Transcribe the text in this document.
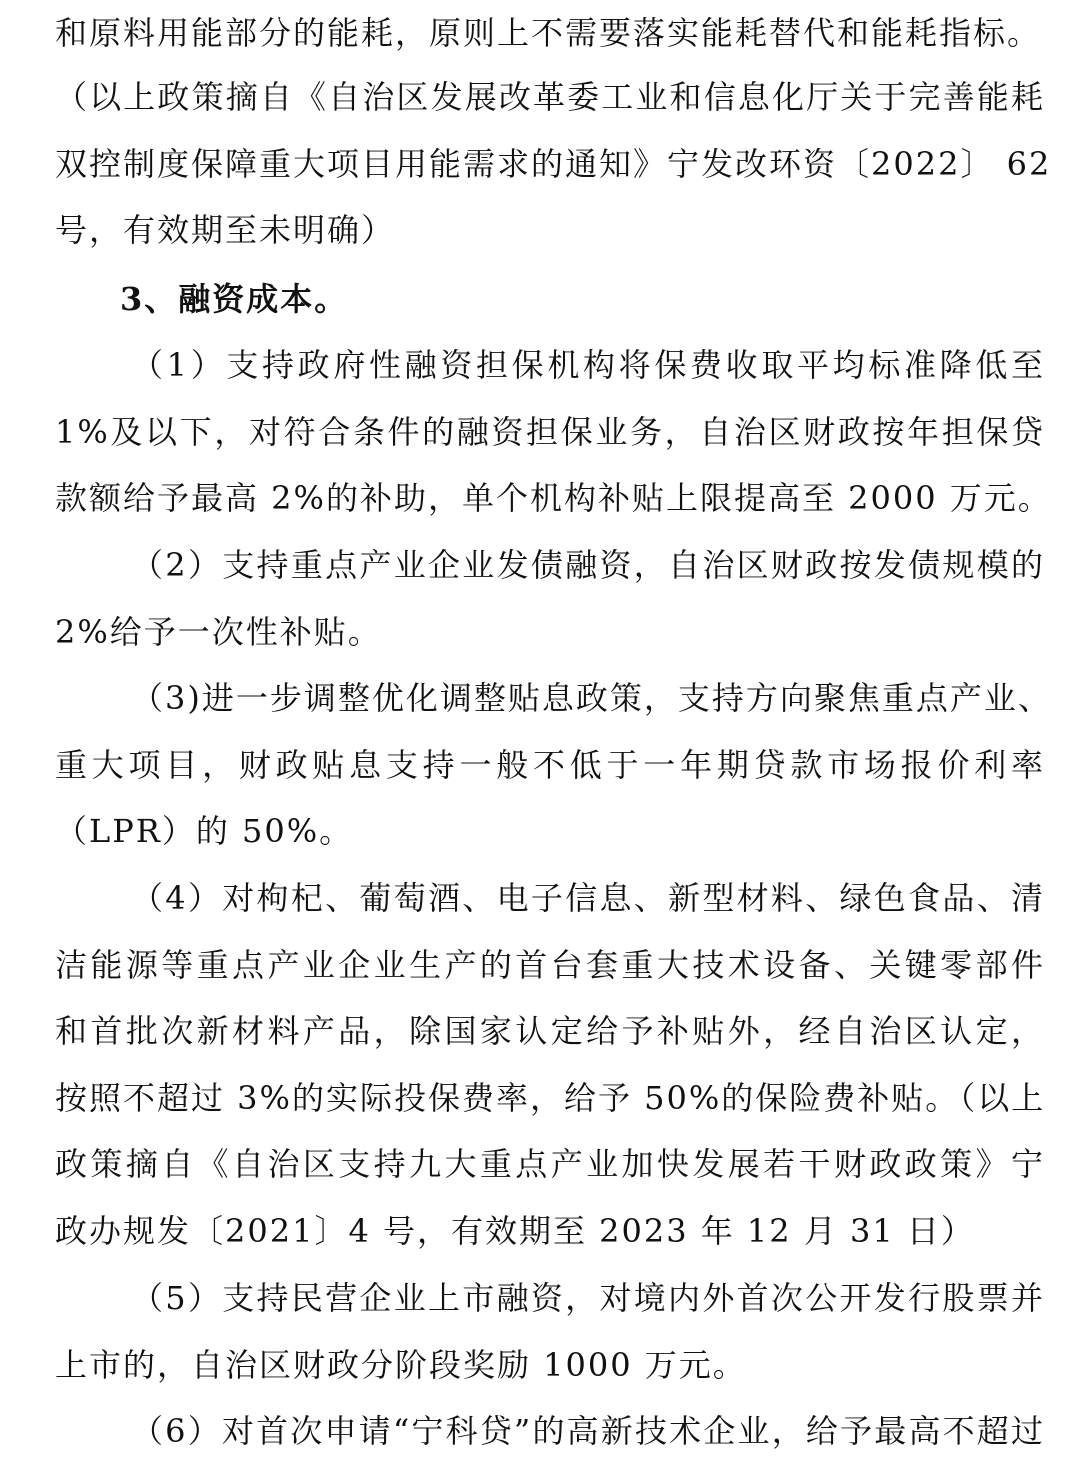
和原料用能部分的能耗，原则上不需要落实能耗替代和能耗指标。

（以上政策摘自《自治区发展改革委工业和信息化厅关于完善能耗
双控制度保障重大项目用能需求的通知》宁发改环资〔2022〕 62
号，有效期至未明确）

3、融资成本。

（1）支持政府性融资担保机构将保费收取平均标准降低至
1%及以下，对符合条件的融资担保业务，自治区财政按年担保贷
款额给予最高 2%的补助，单个机构补贴上限提高至 2000 万元。

（2）支持重点产业企业发债融资，自治区财政按发债规模的
2%给予一次性补贴。

（3)进一步调整优化调整贴息政策，支持方向聚焦重点产业、
重大项目，财政贴息支持一般不低于一年期贷款市场报价利率
（LPR）的 50%。

（4）对枸杞、葡萄酒、电子信息、新型材料、绿色食品、清
洁能源等重点产业企业生产的首台套重大技术设备、关键零部件
和首批次新材料产品，除国家认定给予补贴外，经自治区认定，
按照不超过 3%的实际投保费率，给予 50%的保险费补贴。（以上
政策摘自《自治区支持九大重点产业加快发展若干财政政策》宁
政办规发〔2021〕4 号，有效期至 2023 年 12 月 31 日）

（5）支持民营企业上市融资，对境内外首次公开发行股票并
上市的，自治区财政分阶段奖励 1000 万元。

（6）对首次申请“宁科贷”的高新技术企业，给予最高不超过
